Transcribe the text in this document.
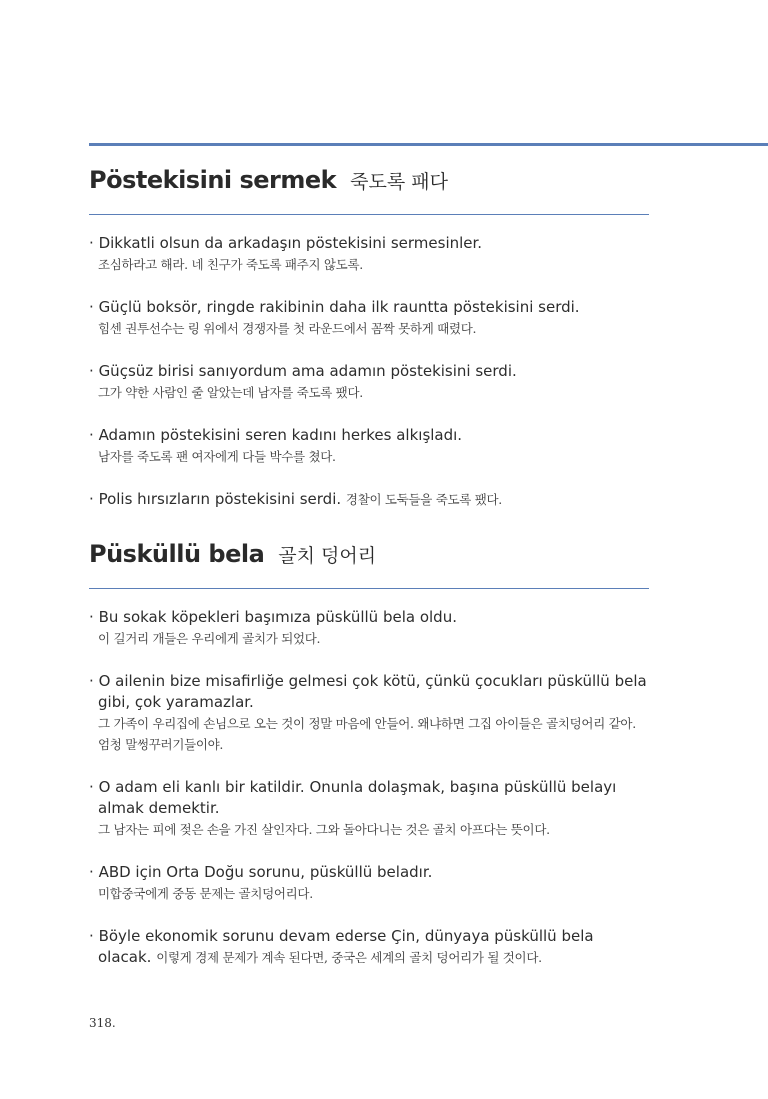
Pöstekisini sermek 죽도록 패다
· Dikkatli olsun da arkadaşın pöstekisini sermesinler.
조심하라고 해라. 네 친구가 죽도록 패주지 않도록.
· Güçlü boksör, ringde rakibinin daha ilk rauntta pöstekisini serdi.
힘센 권투선수는 링 위에서 경쟁자를 첫 라운드에서 꼼짝 못하게 때렸다.
· Güçsüz birisi sanıyordum ama adamın pöstekisini serdi.
그가 약한 사람인 줄 알았는데 남자를 죽도록 팼다.
· Adamın pöstekisini seren kadını herkes alkışladı.
남자를 죽도록 팬 여자에게 다들 박수를 쳤다.
· Polis hırsızların pöstekisini serdi. 경찰이 도둑들을 죽도록 팼다.
Püsküllü bela 골치 덩어리
· Bu sokak köpekleri başımıza püsküllü bela oldu.
이 길거리 개들은 우리에게 골치가 되었다.
· O ailenin bize misafirliğe gelmesi çok kötü, çünkü çocukları püsküllü bela gibi, çok yaramazlar.
그 가족이 우리집에 손님으로 오는 것이 정말 마음에 안들어. 왜냐하면 그집 아이들은 골치덩어리 같아. 엄청 말썽꾸러기들이야.
· O adam eli kanlı bir katildir. Onunla dolaşmak, başına püsküllü belayı almak demektir.
그 남자는 피에 젖은 손을 가진 살인자다. 그와 돌아다니는 것은 골치 아프다는 뜻이다.
· ABD için Orta Doğu sorunu, püsküllü beladır.
미합중국에게 중동 문제는 골치덩어리다.
· Böyle ekonomik sorunu devam ederse Çin, dünyaya püsküllü bela olacak. 이렇게 경제 문제가 계속 된다면, 중국은 세계의 골치 덩어리가 될 것이다.
318.
